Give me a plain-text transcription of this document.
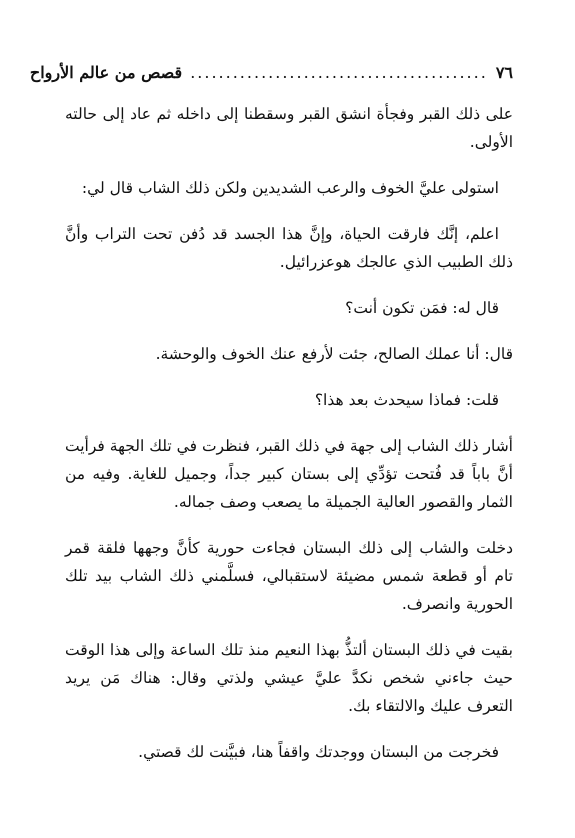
٧٦
..........................................
قصص من عالم الأرواح

على ذلك القبر وفجأة انشق القبر وسقطنا إلى داخله ثم عاد إلى حالته الأولى.

استولى عليَّ الخوف والرعب الشديدين ولكن ذلك الشاب قال لي:

اعلم، إنَّك فارقت الحياة، وإنَّ هذا الجسد قد دُفن تحت التراب وأنَّ ذلك الطبيب الذي عالجك هوعزرائيل.

قال له: فمَن تكون أنت؟

قال: أنا عملك الصالح، جئت لأرفع عنك الخوف والوحشة.

قلت: فماذا سيحدث بعد هذا؟

أشار ذلك الشاب إلى جهة في ذلك القبر، فنظرت في تلك الجهة فرأيت أنَّ باباً قد فُتحت تؤدِّي إلى بستان كبير جداً، وجميل للغاية. وفيه من الثمار والقصور العالية الجميلة ما يصعب وصف جماله.

دخلت والشاب إلى ذلك البستان فجاءت حورية كأنَّ وجهها فلقة قمر تام أو قطعة شمس مضيئة لاستقبالي، فسلَّمني ذلك الشاب بيد تلك الحورية وانصرف.

بقيت في ذلك البستان ألتذُّ بهذا النعيم منذ تلك الساعة وإلى هذا الوقت حيث جاءني شخص نكدَّ عليَّ عيشي ولذتي وقال: هناك مَن يريد التعرف عليك والالتقاء بك.

فخرجت من البستان ووجدتك واقفاً هنا، فبيَّنت لك قصتي.
